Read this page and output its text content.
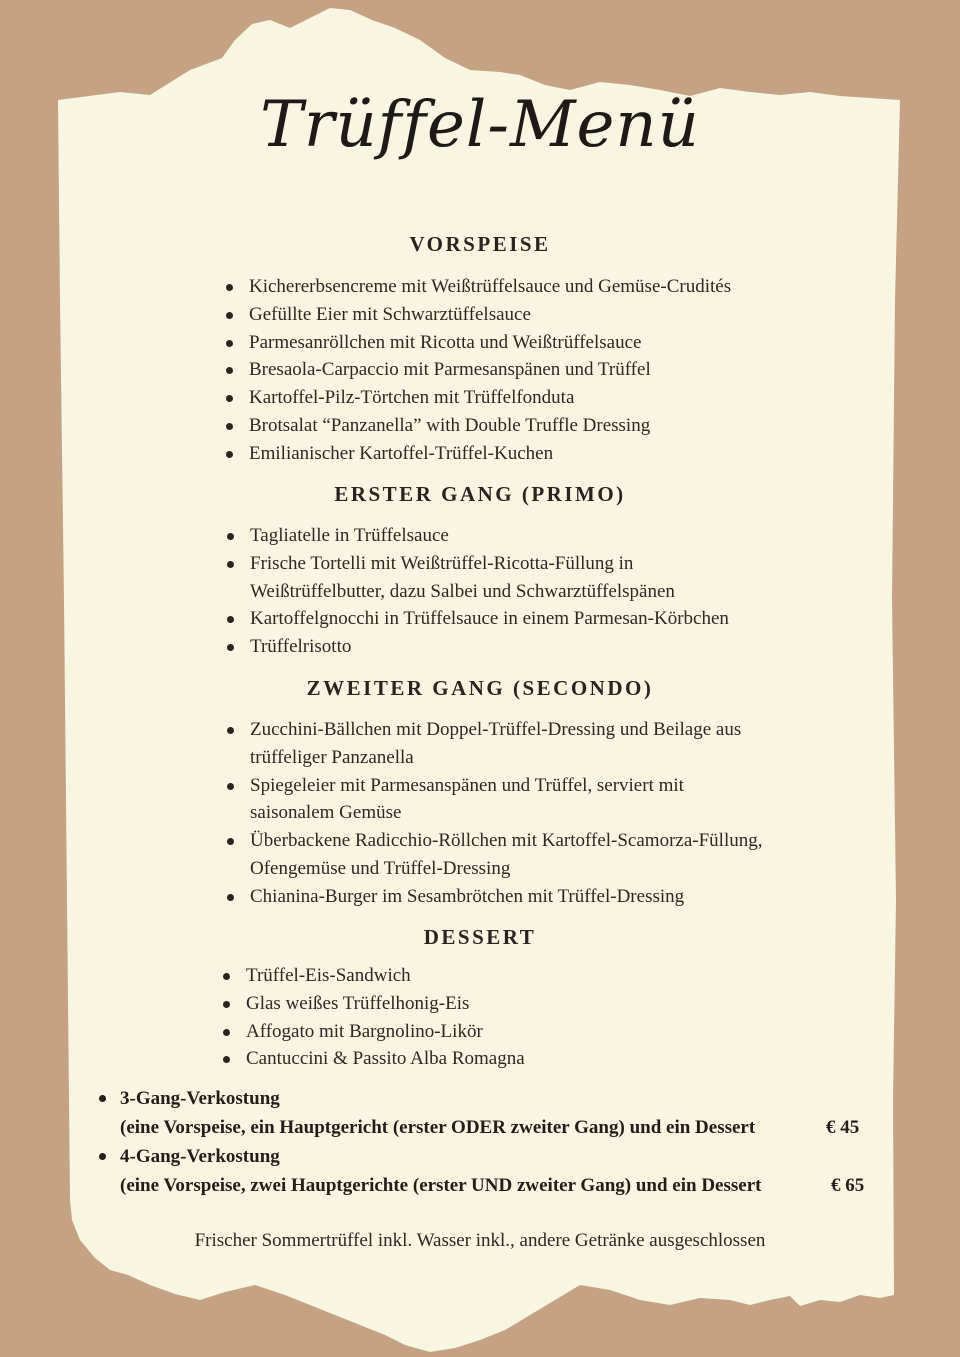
Trüffel-Menü
VORSPEISE
Kichererbsencreme mit Weißtrüffelsauce und Gemüse-Crudités
Gefüllte Eier mit Schwarztüffelsauce
Parmesanröllchen mit Ricotta und Weißtrüffelsauce
Bresaola-Carpaccio mit Parmesanspänen und Trüffel
Kartoffel-Pilz-Törtchen mit Trüffelfonduta
Brotsalat “Panzanella” with Double Truffle Dressing
Emilianischer Kartoffel-Trüffel-Kuchen
ERSTER GANG (PRIMO)
Tagliatelle in Trüffelsauce
Frische Tortelli mit Weißtrüffel-Ricotta-Füllung in
Weißtrüffelbutter, dazu Salbei und Schwarztüffelspänen
Kartoffelgnocchi in Trüffelsauce in einem Parmesan-Körbchen
Trüffelrisotto
ZWEITER GANG (SECONDO)
Zucchini-Bällchen mit Doppel-Trüffel-Dressing und Beilage aus
trüffeliger Panzanella
Spiegeleier mit Parmesanspänen und Trüffel, serviert mit
saisonalem Gemüse
Überbackene Radicchio-Röllchen mit Kartoffel-Scamorza-Füllung,
Ofengemüse und Trüffel-Dressing
Chianina-Burger im Sesambrötchen mit Trüffel-Dressing
DESSERT
Trüffel-Eis-Sandwich
Glas weißes Trüffelhonig-Eis
Affogato mit Bargnolino-Likör
Cantuccini & Passito Alba Romagna
3-Gang-Verkostung
(eine Vorspeise, ein Hauptgericht (erster ODER zweiter Gang) und ein Dessert	€ 45
4-Gang-Verkostung
(eine Vorspeise, zwei Hauptgerichte (erster UND zweiter Gang) und ein Dessert	€ 65
Frischer Sommertrüffel inkl. Wasser inkl., andere Getränke ausgeschlossen
